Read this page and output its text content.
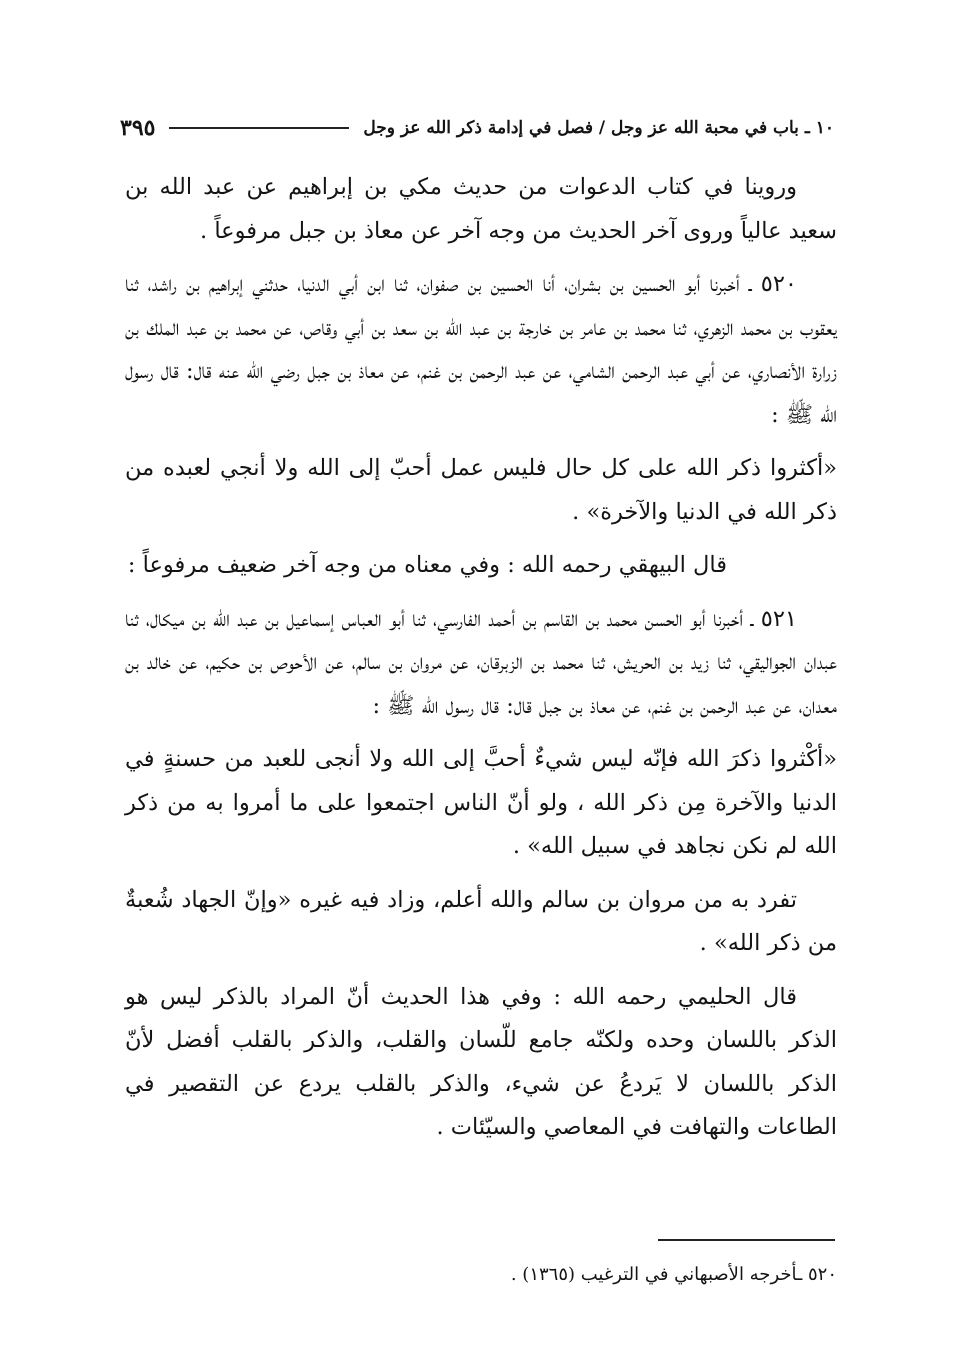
١٠ ـ باب في محبة الله عز وجل / فصل في إدامة ذكر الله عز وجل
٣٩٥

وروينا في كتاب الدعوات من حديث مكي بن إبراهيم عن عبد الله بن سعيد عالياً وروى آخر الحديث من وجه آخر عن معاذ بن جبل مرفوعاً .

٥٢٠ ـ أخبرنا أبو الحسين بن بشران، أنا الحسين بن صفوان، ثنا ابن أبي الدنيا، حدثني إبراهيم بن راشد، ثنا يعقوب بن محمد الزهري، ثنا محمد بن عامر بن خارجة بن عبد الله بن سعد بن أبي وقاص، عن محمد بن عبد الملك بن زرارة الأنصاري، عن أبي عبد الرحمن الشامي، عن عبد الرحمن بن غنم، عن معاذ بن جبل رضي الله عنه قال: قال رسول الله ﷺ :

«أكثروا ذكر الله على كل حال فليس عمل أحبّ إلى الله ولا أنجي لعبده من ذكر الله في الدنيا والآخرة» .

قال البيهقي رحمه الله : وفي معناه من وجه آخر ضعيف مرفوعاً :

٥٢١ ـ أخبرنا أبو الحسن محمد بن القاسم بن أحمد الفارسي، ثنا أبو العباس إسماعيل بن عبد الله بن ميكال، ثنا عبدان الجواليقي، ثنا زيد بن الحريش، ثنا محمد بن الزبرقان، عن مروان بن سالم، عن الأحوص بن حكيم، عن خالد بن معدان، عن عبد الرحمن بن غنم، عن معاذ بن جبل قال: قال رسول الله ﷺ :

«أكْثروا ذكرَ الله فإنّه ليس شيءٌ أحبَّ إلى الله ولا أنجى للعبد من حسنةٍ في الدنيا والآخرة مِن ذكر الله ، ولو أنّ الناس اجتمعوا على ما أمروا به من ذكر الله لم نكن نجاهد في سبيل الله» .

تفرد به من مروان بن سالم والله أعلم، وزاد فيه غيره «وإنّ الجهاد شُعبةٌ من ذكر الله» .

قال الحليمي رحمه الله : وفي هذا الحديث أنّ المراد بالذكر ليس هو الذكر باللسان وحده ولكنّه جامع للّسان والقلب، والذكر بالقلب أفضل لأنّ الذكر باللسان لا يَردعُ عن شيء، والذكر بالقلب يردع عن التقصير في الطاعات والتهافت في المعاصي والسيّئات .

٥٢٠ ـأخرجه الأصبهاني في الترغيب (١٣٦٥) .
